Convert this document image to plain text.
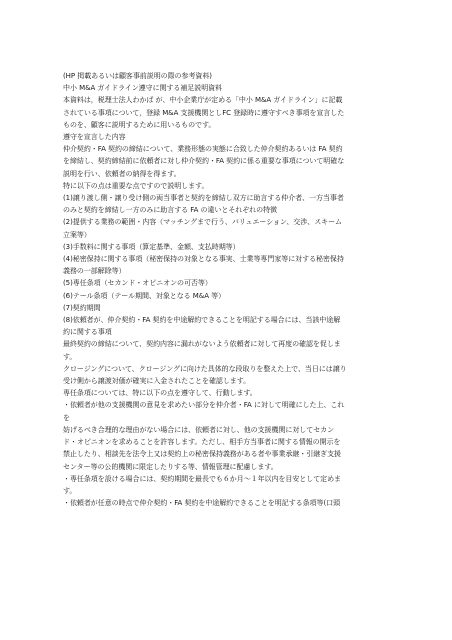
(HP 掲載あるいは顧客事前説明の際の参考資料)
中小 M&A ガイドライン遵守に関する補足説明資料
本資料は，税理士法人わかば が、中小企業庁が定める「中小 M&A ガイドライン」に記載
されている事項について，登録 M&A 支援機関としFC 登録時に遵守すべき事項を宣言した
ものを、顧客に説明するために用いるものです。
遵守を宣言した内容
仲介契約・FA 契約の締結について、業務形態の実態に合致した仲介契約あるいは FA 契約
を締結し、契約締結前に依頼者に対し仲介契約・FA 契約に係る重要な事項について明確な
説明を行い、依頼者の納得を得ます。
特に以下の点は重要な点ですので説明します。
(1)譲り渡し側・譲り受け側の両当事者と契約を締結し双方に助言する仲介者、一方当事者
のみと契約を締結し一方のみに助言する FA の違いとそれぞれの特徴
(2)提供する業務の範囲・内容（マッチングまで行う、バリュエーション、交渉、スキーム
立案等）
(3)手数料に関する事項（算定基準、金額、支払時期等）
(4)秘密保持に関する事項（秘密保持の対象となる事実、士業等専門家等に対する秘密保持
義務の一部解除等）
(5)専任条項（セカンド・オピニオンの可否等）
(6)テール条項（テール期間、対象となる M&A 等）
(7)契約期間
(8)依頼者が、仲介契約・FA 契約を中途解約できることを明記する場合には、当該中途解
約に関する事項
最終契約の締結について、契約内容に漏れがないよう依頼者に対して再度の確認を促しま
す。
クロージングについて、クロージングに向けた具体的な段取りを整えた上で、当日には譲り
受け側から譲渡対価が確実に入金されたことを確認します。
専任条項については、特に以下の点を遵守して、行動します。
・依頼者が他の支援機関の意見を求めたい部分を仲介者・FA に対して明確にした上、これ
を
妨げるべき合理的な理由がない場合には、依頼者に対し、他の支援機関に対してセカン
ド・オピニオンを求めることを許容します。ただし、相手方当事者に関する情報の開示を
禁止したり、相談先を法令上又は契約上の秘密保持義務がある者や事業承継・引継ぎ支援
センター等の公的機関に限定したりする等、情報管理に配慮します。
・専任条項を設ける場合には、契約期間を最長でも６か月～１年以内を目安として定めま
す。
・依頼者が任意の時点で仲介契約・FA 契約を中途解約できることを明記する条項等(口頭
